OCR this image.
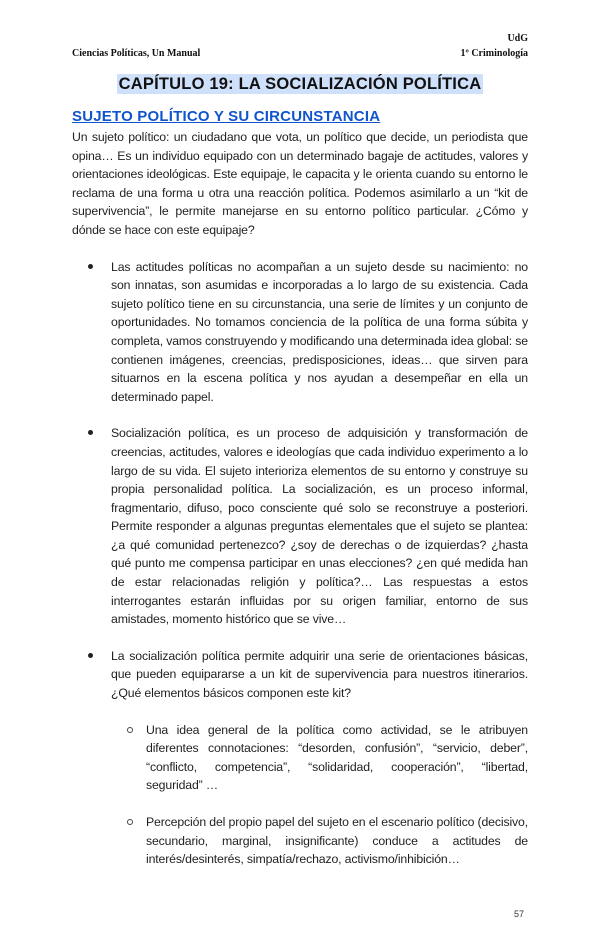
Ciencias Políticas, Un Manual
UdG
1º Criminología
CAPÍTULO 19: LA SOCIALIZACIÓN POLÍTICA
SUJETO POLÍTICO Y SU CIRCUNSTANCIA
Un sujeto político: un ciudadano que vota, un político que decide, un periodista que opina… Es un individuo equipado con un determinado bagaje de actitudes, valores y orientaciones ideológicas. Este equipaje, le capacita y le orienta cuando su entorno le reclama de una forma u otra una reacción política. Podemos asimilarlo a un “kit de supervivencia”, le permite manejarse en su entorno político particular. ¿Cómo y dónde se hace con este equipaje?
Las actitudes políticas no acompañan a un sujeto desde su nacimiento: no son innatas, son asumidas e incorporadas a lo largo de su existencia. Cada sujeto político tiene en su circunstancia, una serie de límites y un conjunto de oportunidades. No tomamos conciencia de la política de una forma súbita y completa, vamos construyendo y modificando una determinada idea global: se contienen imágenes, creencias, predisposiciones, ideas… que sirven para situarnos en la escena política y nos ayudan a desempeñar en ella un determinado papel.
Socialización política, es un proceso de adquisición y transformación de creencias, actitudes, valores e ideologías que cada individuo experimento a lo largo de su vida. El sujeto interioriza elementos de su entorno y construye su propia personalidad política. La socialización, es un proceso informal, fragmentario, difuso, poco consciente qué solo se reconstruye a posteriori. Permite responder a algunas preguntas elementales que el sujeto se plantea: ¿a qué comunidad pertenezco? ¿soy de derechas o de izquierdas? ¿hasta qué punto me compensa participar en unas elecciones? ¿en qué medida han de estar relacionadas religión y política?… Las respuestas a estos interrogantes estarán influidas por su origen familiar, entorno de sus amistades, momento histórico que se vive…
La socialización política permite adquirir una serie de orientaciones básicas, que pueden equipararse a un kit de supervivencia para nuestros itinerarios. ¿Qué elementos básicos componen este kit?
Una idea general de la política como actividad, se le atribuyen diferentes connotaciones: “desorden, confusión”, “servicio, deber”, “conflicto, competencia”, “solidaridad, cooperación”, “libertad, seguridad” …
Percepción del propio papel del sujeto en el escenario político (decisivo, secundario, marginal, insignificante) conduce a actitudes de interés/desinterés, simpatía/rechazo, activismo/inhibición…
57
